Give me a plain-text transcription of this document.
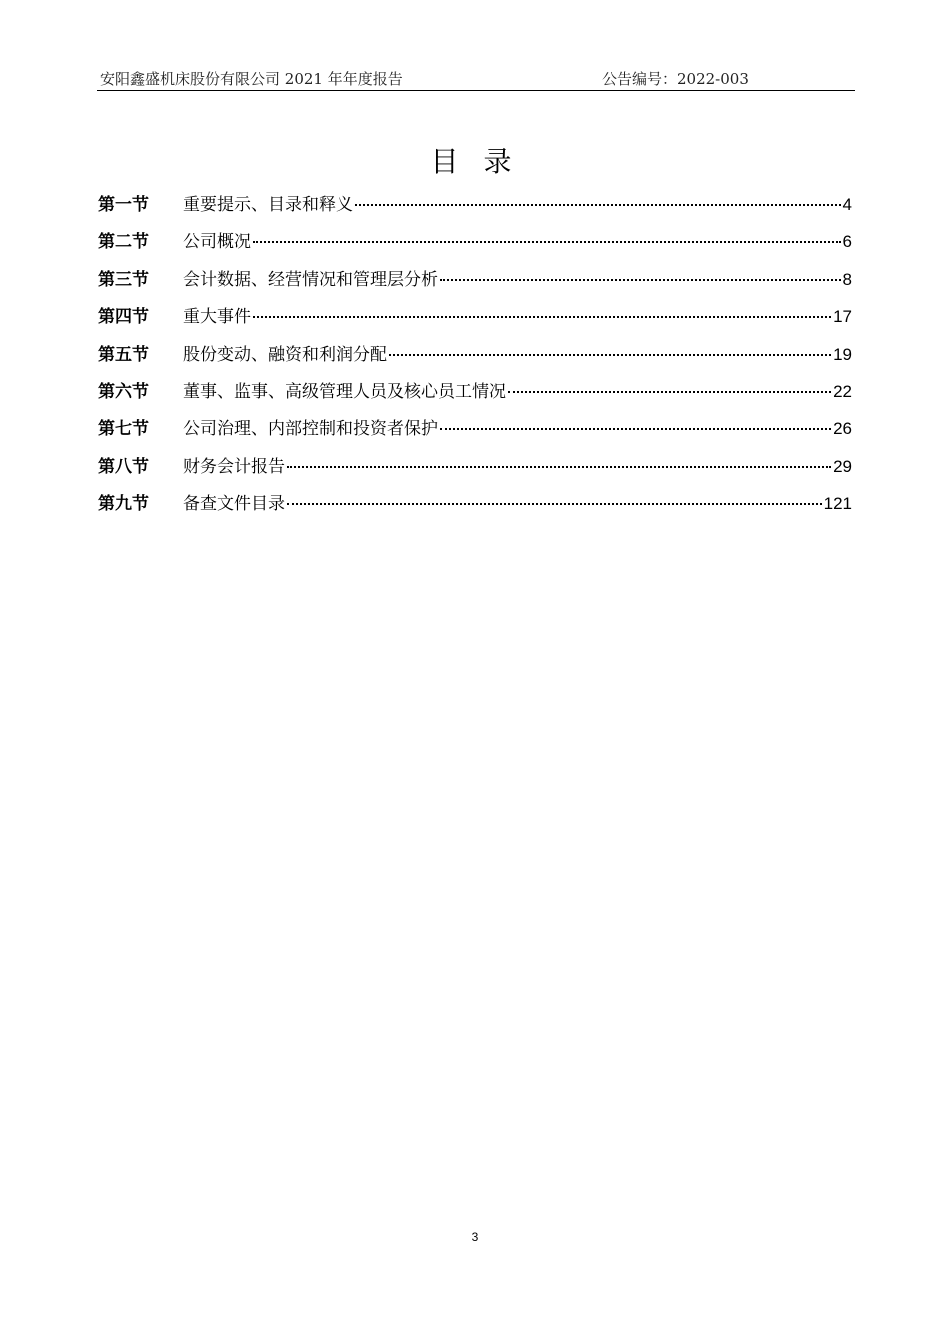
安阳鑫盛机床股份有限公司 2021 年年度报告	公告编号：2022-003
目 录
第一节	重要提示、目录和释义	4
第二节	公司概况	6
第三节	会计数据、经营情况和管理层分析	8
第四节	重大事件	17
第五节	股份变动、融资和利润分配	19
第六节	董事、监事、高级管理人员及核心员工情况	22
第七节	公司治理、内部控制和投资者保护	26
第八节	财务会计报告	29
第九节	备查文件目录	121
3
